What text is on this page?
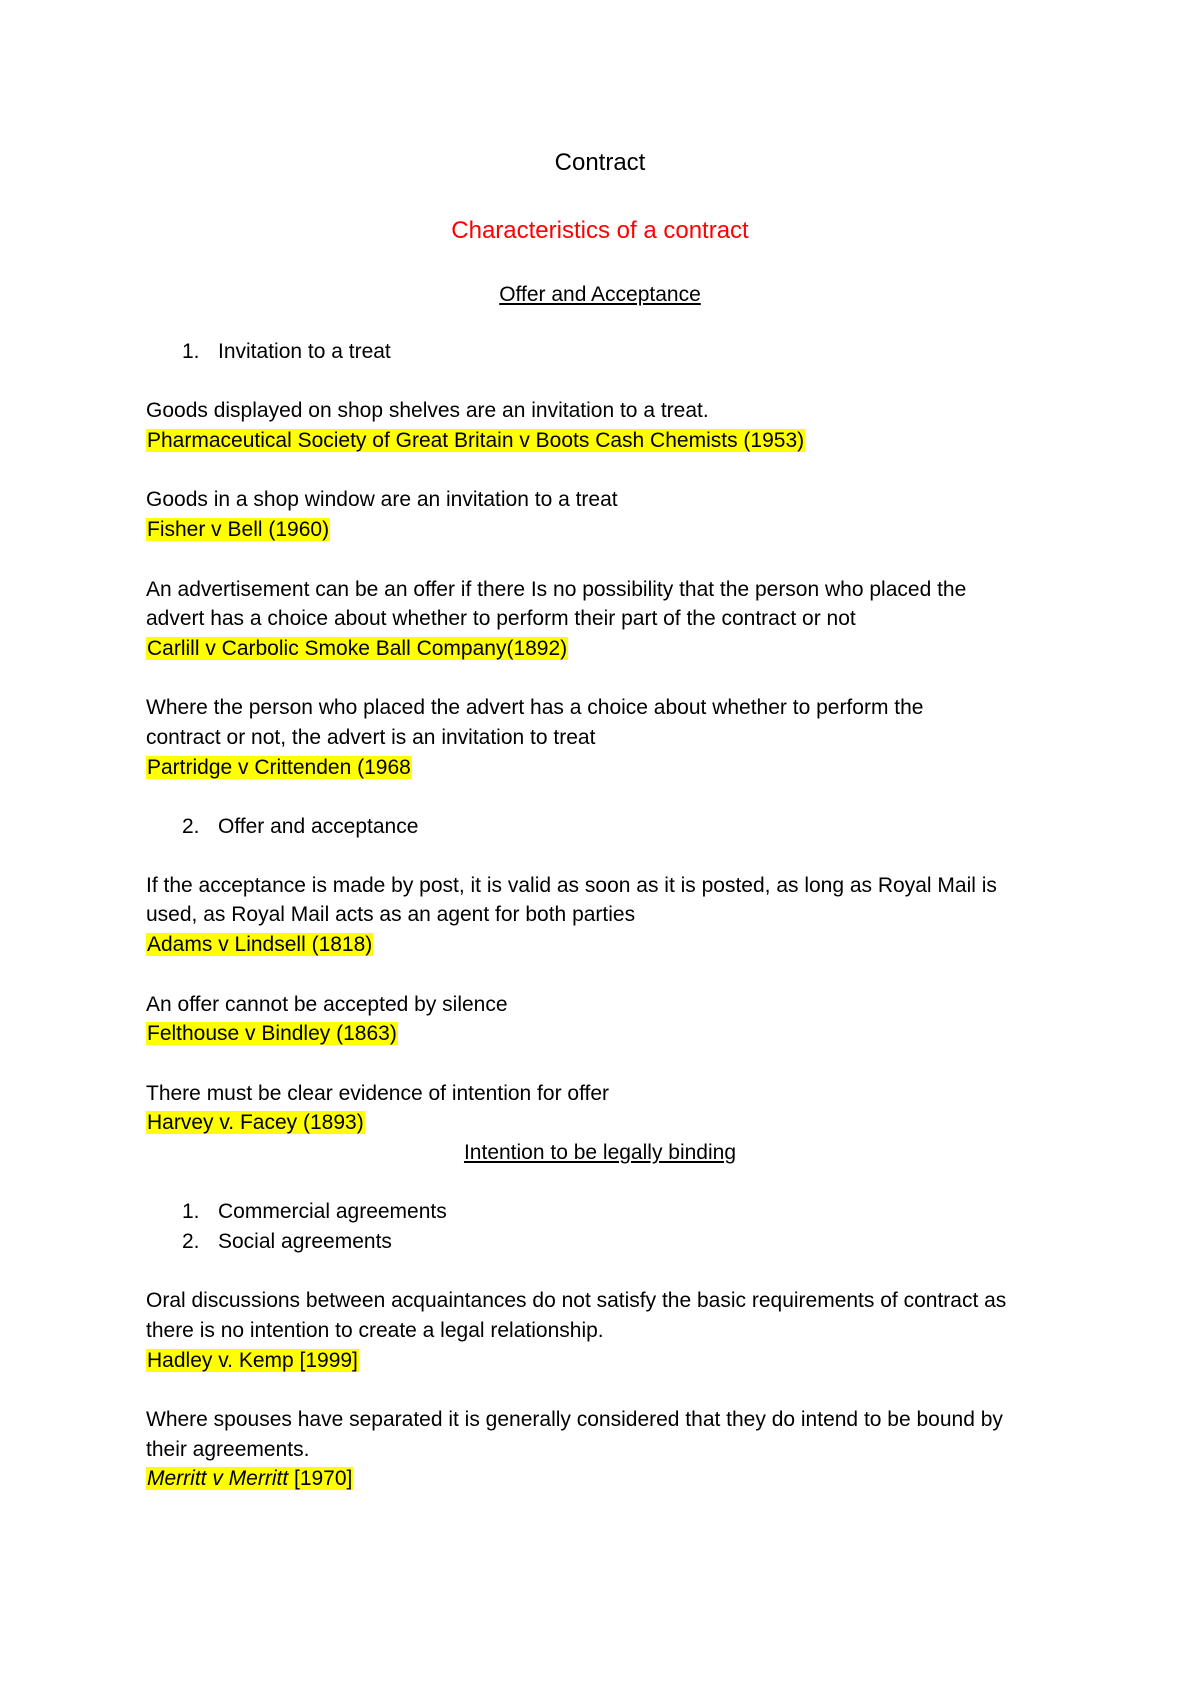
Contract
Characteristics of a contract
Offer and Acceptance
1. Invitation to a treat
Goods displayed on shop shelves are an invitation to a treat.
Pharmaceutical Society of Great Britain v Boots Cash Chemists (1953)
Goods in a shop window are an invitation to a treat
Fisher v Bell (1960)
An advertisement can be an offer if there Is no possibility that the person who placed the
advert has a choice about whether to perform their part of the contract or not
Carlill v Carbolic Smoke Ball Company(1892)
Where the person who placed the advert has a choice about whether to perform the
contract or not, the advert is an invitation to treat
Partridge v Crittenden (1968
2. Offer and acceptance
If the acceptance is made by post, it is valid as soon as it is posted, as long as Royal Mail is
used, as Royal Mail acts as an agent for both parties
Adams v Lindsell (1818)
An offer cannot be accepted by silence
Felthouse v Bindley (1863)
There must be clear evidence of intention for offer
Harvey v. Facey (1893)
Intention to be legally binding
1. Commercial agreements
2. Social agreements
Oral discussions between acquaintances do not satisfy the basic requirements of contract as
there is no intention to create a legal relationship.
Hadley v. Kemp [1999]
Where spouses have separated it is generally considered that they do intend to be bound by
their agreements.
Merritt v Merritt [1970]
